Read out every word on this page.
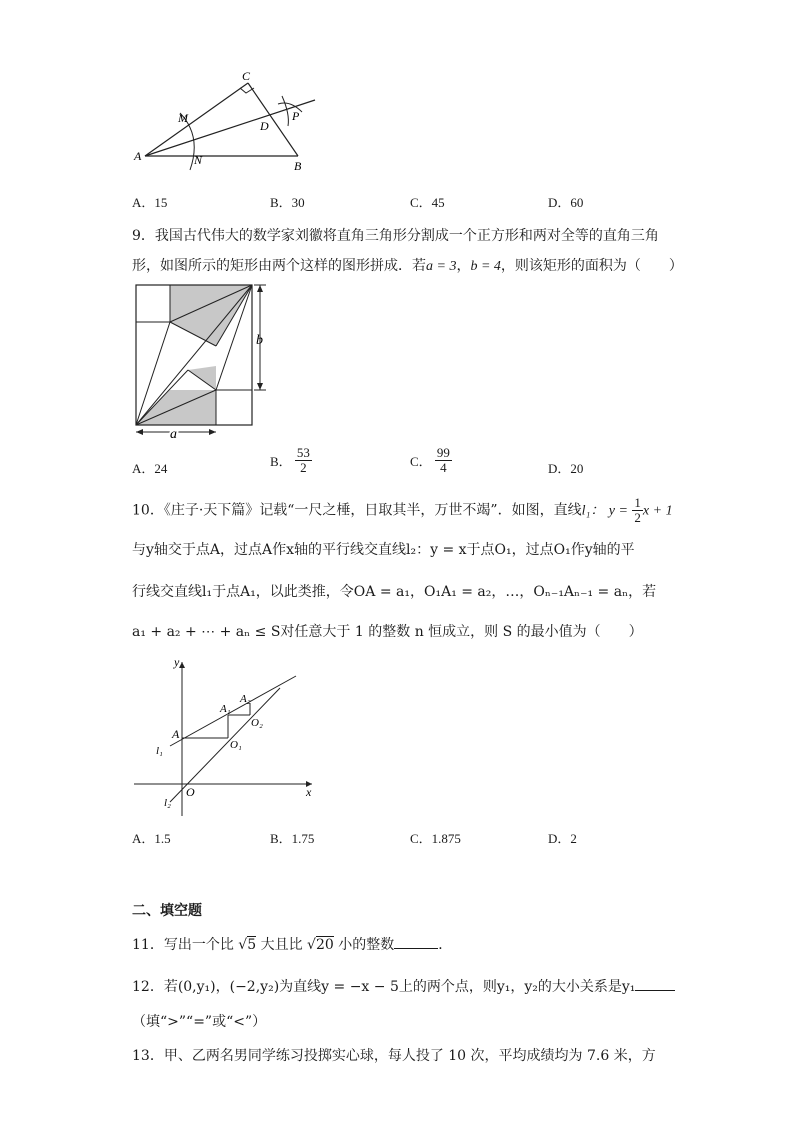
A
B
C
D
M
N
P
A．15	B．30	C．45	D．60
9．我国古代伟大的数学家刘徽将直角三角形分割成一个正方形和两对全等的直角三角
形，如图所示的矩形由两个这样的图形拼成．若a = 3，b = 4，则该矩形的面积为（　　）
b
a
A．24	B． $\frac{53}{2}$	C． $\frac{99}{4}$	D．20
10．《庄子·天下篇》记载“一尺之棰，日取其半，万世不竭”．如图，直线l₁： $y = \frac{1}{2}$ x + 1
与y轴交于点A，过点A作x轴的平行线交直线l₂：y = x于点O₁，过点O₁作y轴的平
行线交直线l₁于点A₁，以此类推，令OA = a₁，O₁A₁ = a₂，…，Oₙ₋₁Aₙ₋₁ = aₙ，若
a₁ + a₂ + ⋯ + aₙ ≤ S对任意大于 1 的整数 n 恒成立，则 S 的最小值为（　　）
y
x
O
A
A₁
A₂
O₁
O₂
l₁
l₂
A．1.5	B．1.75	C．1.875	D．2
二、填空题
11．写出一个比 √5 大且比 √20 小的整数	．
12．若(0,y₁)，(−2,y₂)为直线y = −x − 5上的两个点，则y₁，y₂的大小关系是y₁
（填“>”“=”或“<”）
13．甲、乙两名男同学练习投掷实心球，每人投了 10 次，平均成绩均为 7.6 米，方
